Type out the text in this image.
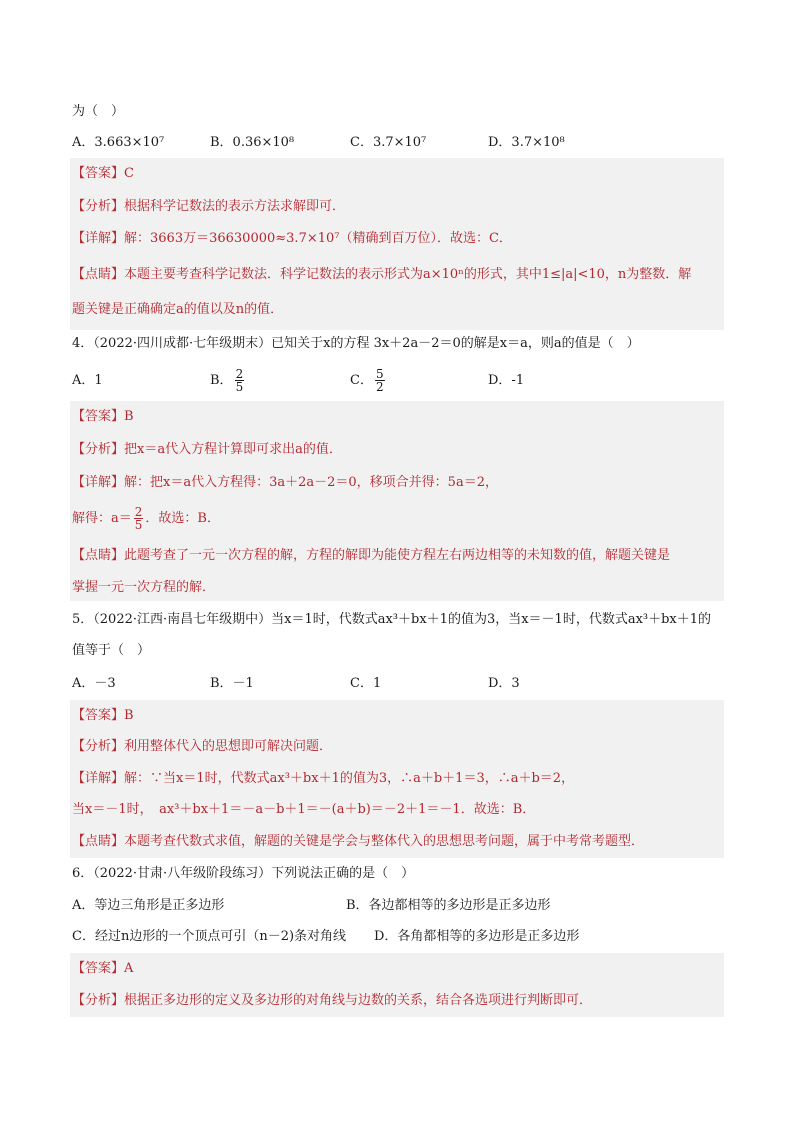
为（　）
A．3.663×10⁷	B．0.36×10⁸	C．3.7×10⁷	D．3.7×10⁸
【答案】C
【分析】根据科学记数法的表示方法求解即可．
【详解】解：3663万＝36630000≈3.7×10⁷（精确到百万位）．故选：C．
【点睛】本题主要考查科学记数法．科学记数法的表示形式为a×10ⁿ的形式，其中1≤|a|<10，n为整数．解
题关键是正确确定a的值以及n的值．
4．（2022·四川成都·七年级期末）已知关于x的方程 3x＋2a－2＝0的解是x＝a，则a的值是（　）
A．1	B． $\frac{2}{5}$	C． $\frac{5}{2}$	D．-1
【答案】B
【分析】把x＝a代入方程计算即可求出a的值．
【详解】解：把x＝a代入方程得：3a＋2a－2＝0，移项合并得：5a＝2，
解得：$a= \frac{2}{5}$ ．故选：B．
【点睛】此题考查了一元一次方程的解，方程的解即为能使方程左右两边相等的未知数的值，解题关键是
掌握一元一次方程的解．
5．（2022·江西·南昌七年级期中）当x＝1时，代数式ax³＋bx＋1的值为3，当x＝－1时，代数式ax³＋bx＋1的
值等于（　）
A．－3	B．－1	C．1	D．3
【答案】B
【分析】利用整体代入的思想即可解决问题．
【详解】解：∵当x＝1时，代数式ax³＋bx＋1的值为3，∴a＋b＋1＝3，∴a＋b＝2，
当x＝－1时，　ax³＋bx＋1＝－a－b＋1＝－(a＋b)＝－2＋1＝－1．故选：B．
【点睛】本题考查代数式求值，解题的关键是学会与整体代入的思想思考问题，属于中考常考题型．
6．（2022·甘肃·八年级阶段练习）下列说法正确的是（　）
A．等边三角形是正多边形	B．各边都相等的多边形是正多边形
C．经过n边形的一个顶点可引（n－2)条对角线 D．各角都相等的多边形是正多边形
【答案】A
【分析】根据正多边形的定义及多边形的对角线与边数的关系，结合各选项进行判断即可．
